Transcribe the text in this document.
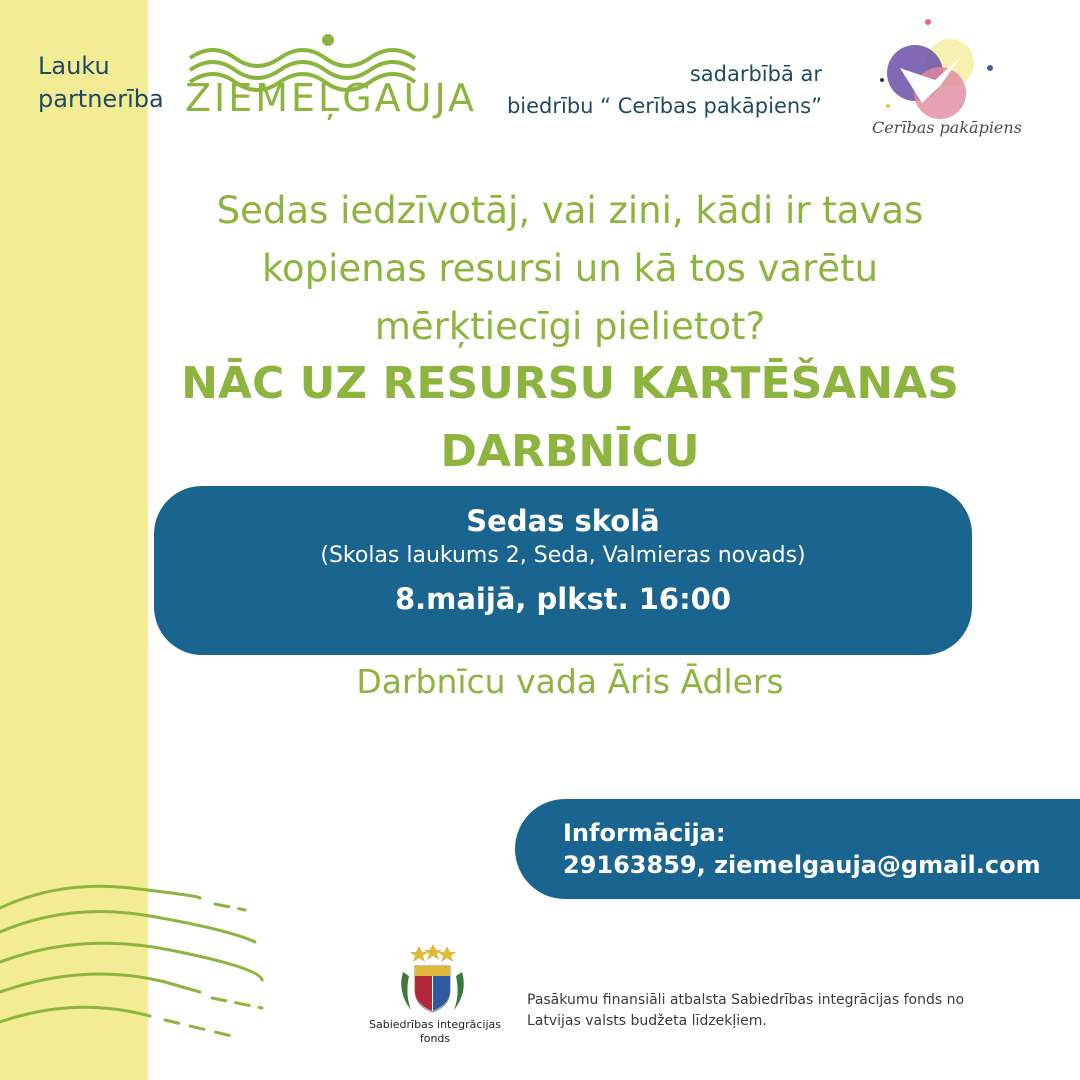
Lauku
partnerība ZIEMEĻGAUJA

sadarbībā ar
biedrību “ Cerības pakāpiens”

Cerības pakāpiens

Sedas iedzīvotāj, vai zini, kādi ir tavas
kopienas resursi un kā tos varētu
mērķtiecīgi pielietot?

NĀC UZ RESURSU KARTĒŠANAS
DARBNĪCU

Sedas skolā
(Skolas laukums 2, Seda, Valmieras novads)
8.maijā, plkst. 16:00

Darbnīcu vada Āris Ādlers

Informācija:
29163859, ziemelgauja@gmail.com
Sabiedrības integrācijas
fonds

Pasākumu finansiāli atbalsta Sabiedrības integrācijas fonds no
Latvijas valsts budžeta līdzekļiem.
